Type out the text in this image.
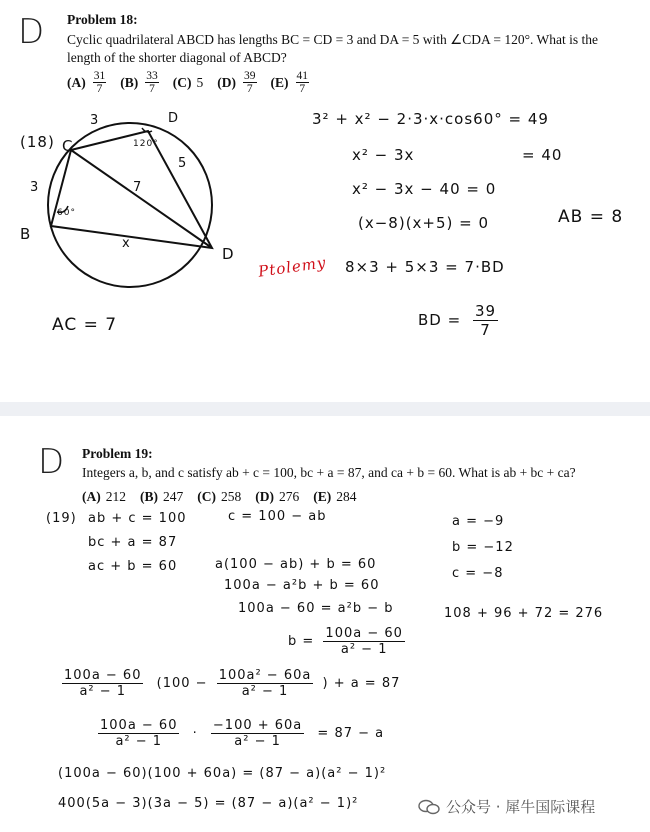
D Problem 18:
Cyclic quadrilateral ABCD has lengths BC = CD = 3 and DA = 5 with ∠CDA = 120°. What is the length of the shorter diagonal of ABCD?
$(A) \frac{31}{7} (B) \frac{33}{7} (C)$ 5 $(D) \frac{39}{7} (E) \frac{41}{7}$
(18) C
3	D
120°
5
3	7
60°
B
x
D
3² + x² − 2·3·x·cos60° = 49
x² − 3x	= 40
x² − 3x − 40 = 0
(x−8)(x+5) = 0	AB = 8
Ptolemy 8×3 + 5×3 = 7·BD
BD = $\frac{39}{7}$
AC = 7
D Problem 19:
Integers a, b, and c satisfy ab + c = 100, bc + a = 87, and ca + b = 60. What is ab + bc + ca?
(A) 212 (B) 247 (C) 258 (D) 276 (E) 284
(19) ab + c = 100	c = 100 − ab
bc + a = 87
ac + b = 60	a(100 − ab) + b = 60
100a − a²b + b = 60
100a − 60 = a²b − b
$b = \frac{100a - 60}{\text{a² − 1}}$
a = −9
b = −12
c = −8
108 + 96 + 72 = 276
$\frac{100a - 60}{\text{a² − 1}} (100 - \frac{\text{100a² − 60a}}{\text{a² − 1}}$ ) + a = 87
$\frac{100a - 60}{\text{a² − 1}} \cdot \frac{-100 + 60a}{\text{a² − 1}} = 87 - a$
(100a − 60)(100 + 60a) = (87 − a)(a² − 1)²
400(5a − 3)(3a − 5) = (87 − a)(a² − 1)²	公众号 · 犀牛国际课程
